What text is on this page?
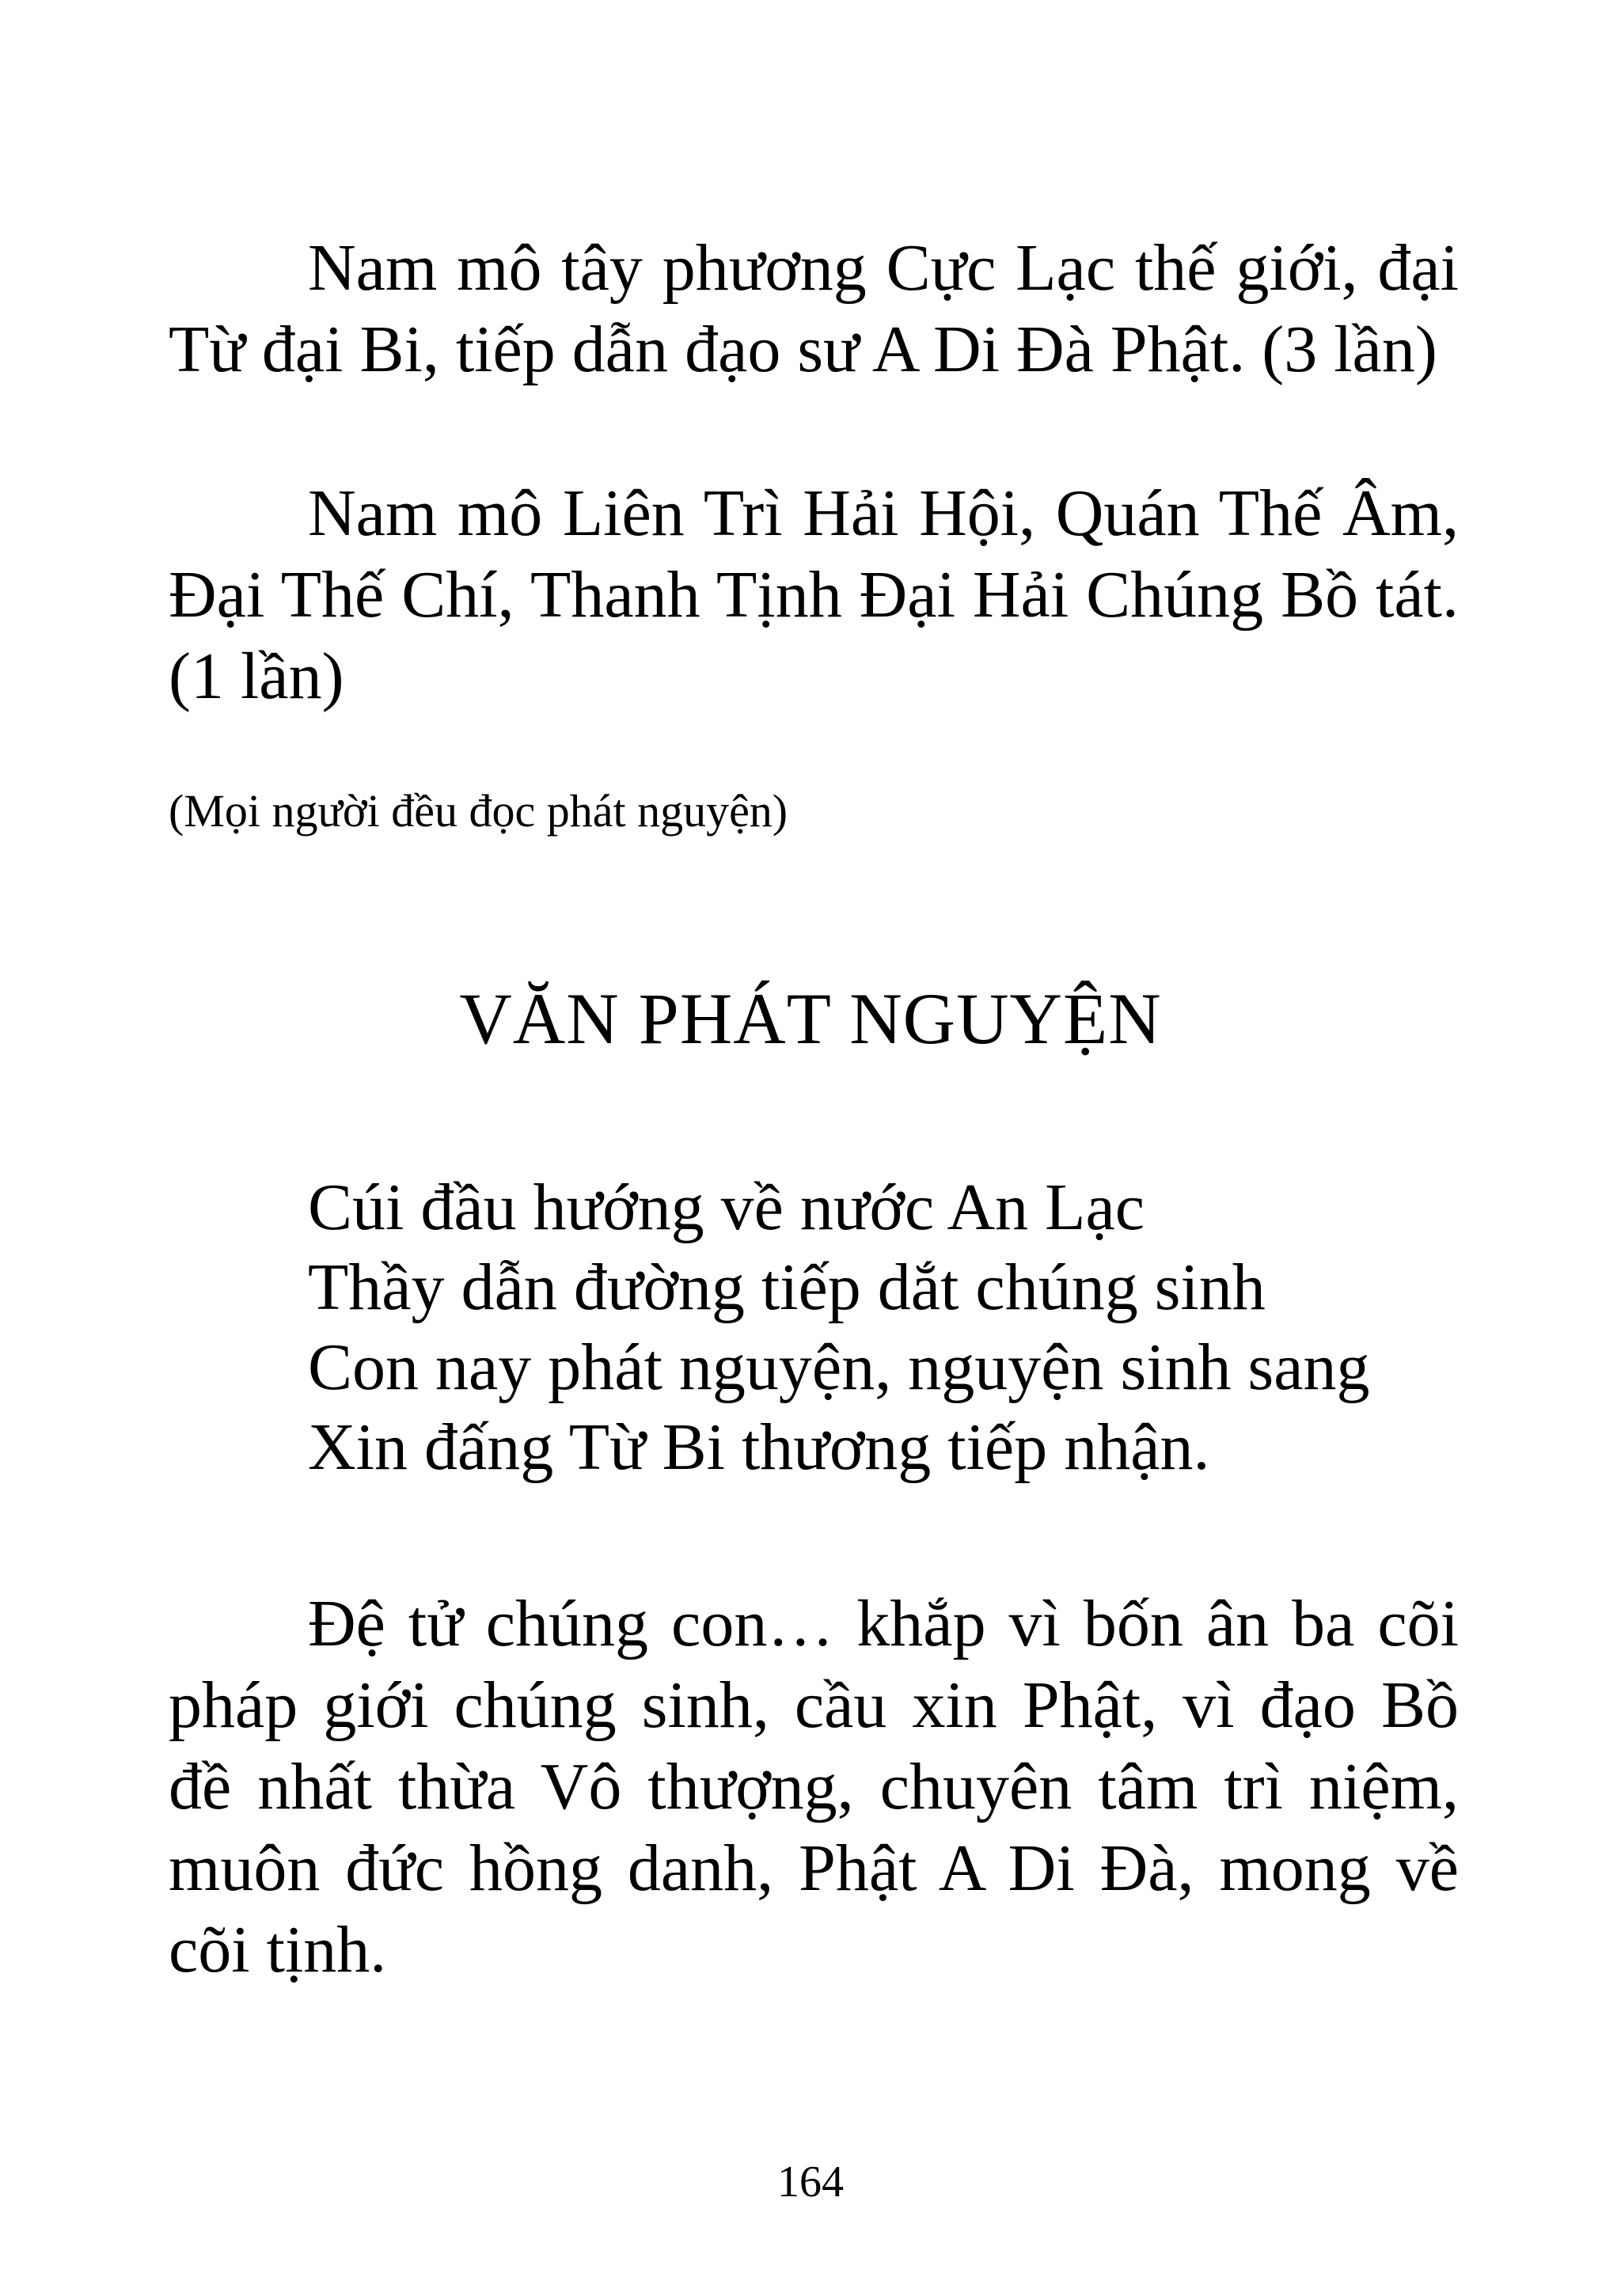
Nam mô tây phương Cực Lạc thế giới, đại Từ đại Bi, tiếp dẫn đạo sư A Di Đà Phật. (3 lần)

Nam mô Liên Trì Hải Hội, Quán Thế Âm, Đại Thế Chí, Thanh Tịnh Đại Hải Chúng Bồ tát. (1 lần)

(Mọi người đều đọc phát nguyện)

VĂN PHÁT NGUYỆN
Cúi đầu hướng về nước An Lạc
Thầy dẫn đường tiếp dắt chúng sinh
Con nay phát nguyện, nguyện sinh sang
Xin đấng Từ Bi thương tiếp nhận.

Đệ tử chúng con… khắp vì bốn ân ba cõi pháp giới chúng sinh, cầu xin Phật, vì đạo Bồ đề nhất thừa Vô thượng, chuyên tâm trì niệm, muôn đức hồng danh, Phật A Di Đà, mong về cõi tịnh.

164
